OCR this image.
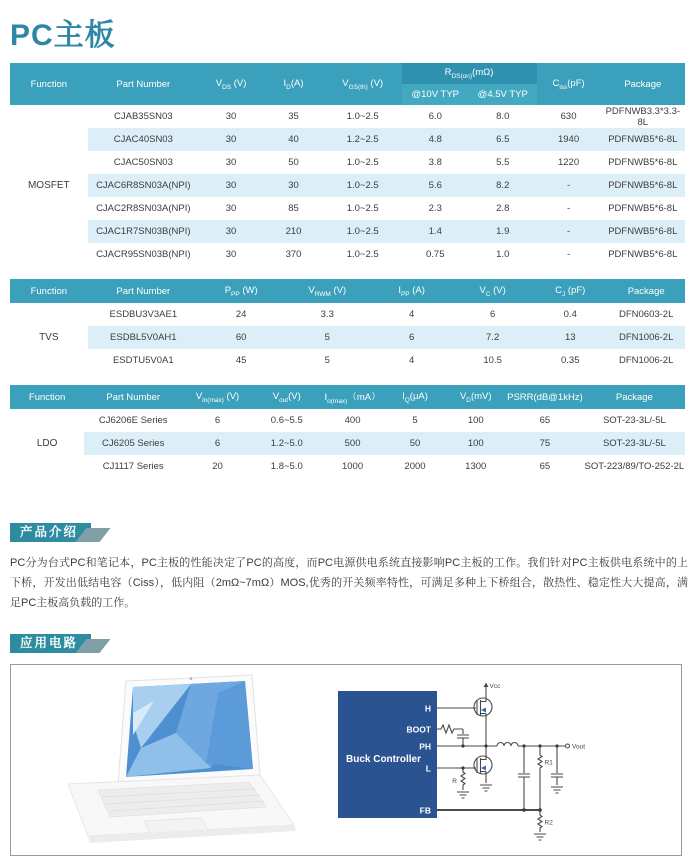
PC主板
Function	Part Number	$V_{DS}$ (V)	$I_D(A)$	$V_{GS(th)}$ (V)	$R_{DS(on)}(m\Omega)$		$C_{iss}(pF)$	Package
					@10V TYP	@4.5V TYP		
MOSFET	CJAB35SN03	30	35	1.0~2.5	6.0	8.0	630	PDFNWB3.3*3.3-8L
	CJAC40SN03	30	40	1.2~2.5	4.8	6.5	1940	PDFNWB5*6-8L
	CJAC50SN03	30	50	1.0~2.5	3.8	5.5	1220	PDFNWB5*6-8L
	CJAC6R8SN03A(NPI)	30	30	1.0~2.5	5.6	8.2	-	PDFNWB5*6-8L
	CJAC2R8SN03A(NPI)	30	85	1.0~2.5	2.3	2.8	-	PDFNWB5*6-8L
	CJAC1R7SN03B(NPI)	30	210	1.0~2.5	1.4	1.9	-	PDFNWB5*6-8L
	CJACR95SN03B(NPI)	30	370	1.0~2.5	0.75	1.0	-	PDFNWB5*6-8L
Function	Part Number	$P_{PP}$ (W)	$V_{RWM}$ (V)	$I_{PP}$ (A)	$V_C$ (V)	$C_J$ (pF)	Package
TVS	ESDBU3V3AE1	24	3.3	4	6	0.4	DFN0603-2L
	ESDBL5V0AH1	60	5	6	7.2	13	DFN1006-2L
	ESDTU5V0A1	45	5	4	10.5	0.35	DFN1006-2L
Function	Part Number	$V_{in(max)}$ (V)	$V_{out}(V)$	$I_{o(max)}(mA)$	$I_Q(\mu A)$	$V_D(mV)$	PSRR(dB@1kHz)	Package
LDO	CJ6206E Series	6	0.6~5.5	400	5	100	65	SOT-23-3L/-5L
	CJ6205 Series	6	1.2~5.0	500	50	100	75	SOT-23-3L/-5L
	CJ1117 Series	20	1.8~5.0	1000	2000	1300	65	SOT-223/89/TO-252-2L
产品介绍

PC分为台式PC和笔记本，PC主板的性能决定了PC的高度，而PC电源供电系统直接影响PC主板的工作。我们针对PC主板供电系统中的上下桥，开发出低结电容（Ciss），低内阻（2mΩ~7mΩ）MOS,优秀的开关频率特性，可满足多种上下桥组合，散热性、稳定性大大提高，满足PC主板高负载的工作。

应用电路
H
BOOT
PH
L
FB
Buck Controller
Vcc
Vout
R
R1
R2
